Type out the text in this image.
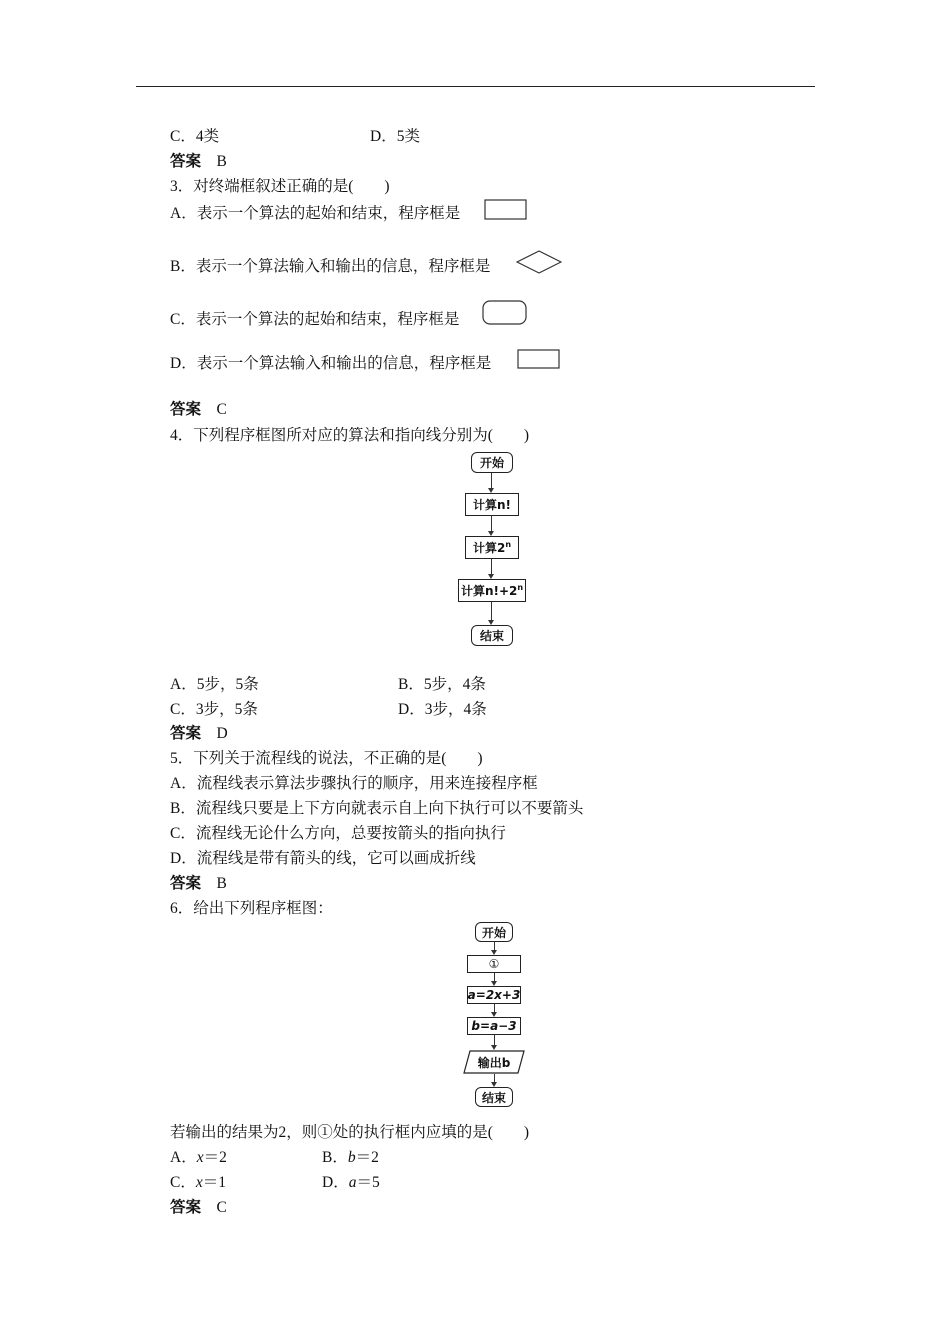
C．4类	D．5类
答案　 B
3．对终端框叙述正确的是(　　)
A．表示一个算法的起始和结束，程序框是
B．表示一个算法输入和输出的信息，程序框是
C．表示一个算法的起始和结束，程序框是
D．表示一个算法输入和输出的信息，程序框是
答案　 C
4．下列程序框图所对应的算法和指向线分别为(　　)
开始
计算n!
计算2$^n$
计算$n!+2^n$
结束
A．5步，5条	B．5步，4条
C．3步，5条	D．3步，4条
答案　 D
5．下列关于流程线的说法，不正确的是(　　)
A．流程线表示算法步骤执行的顺序，用来连接程序框
B．流程线只要是上下方向就表示自上向下执行可以不要箭头
C．流程线无论什么方向，总要按箭头的指向执行
D．流程线是带有箭头的线，它可以画成折线
答案　 B
6．给出下列程序框图：
开始
①
a=2x+3
b=a−3
输出b
结束
若输出的结果为2，则①处的执行框内应填的是(　　)
A．x＝2	B．b＝2
C．x＝1	D．a＝5
答案　 C
